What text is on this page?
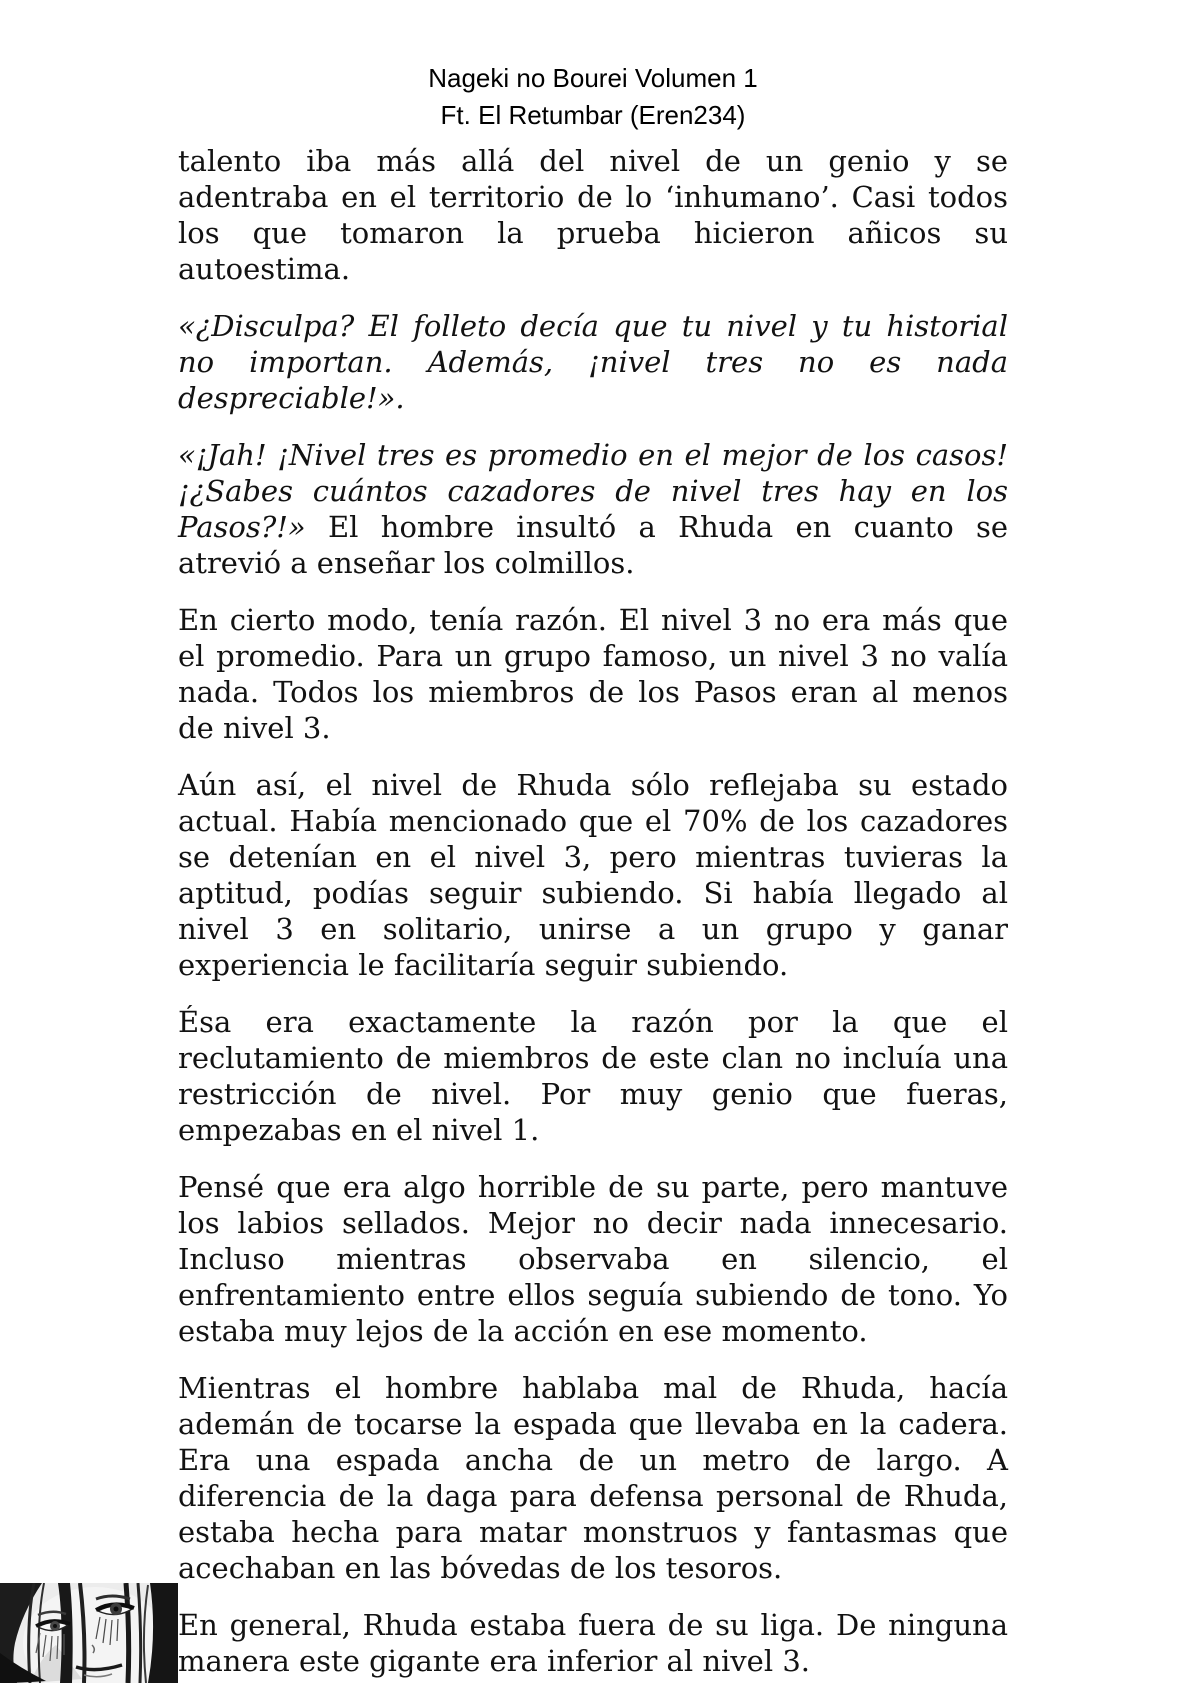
Nageki no Bourei Volumen 1
Ft. El Retumbar (Eren234)

talento iba más allá del nivel de un genio y se adentraba en el territorio de lo ‘inhumano’. Casi todos los que tomaron la prueba hicieron añicos su autoestima.

«¿Disculpa? El folleto decía que tu nivel y tu historial no importan. Además, ¡nivel tres no es nada despreciable!».

«¡Jah! ¡Nivel tres es promedio en el mejor de los casos! ¡¿Sabes cuántos cazadores de nivel tres hay en los Pasos?!» El hombre insultó a Rhuda en cuanto se atrevió a enseñar los colmillos.

En cierto modo, tenía razón. El nivel 3 no era más que el promedio. Para un grupo famoso, un nivel 3 no valía nada. Todos los miembros de los Pasos eran al menos de nivel 3.

Aún así, el nivel de Rhuda sólo reflejaba su estado actual. Había mencionado que el 70% de los cazadores se detenían en el nivel 3, pero mientras tuvieras la aptitud, podías seguir subiendo. Si había llegado al nivel 3 en solitario, unirse a un grupo y ganar experiencia le facilitaría seguir subiendo.

Ésa era exactamente la razón por la que el reclutamiento de miembros de este clan no incluía una restricción de nivel. Por muy genio que fueras, empezabas en el nivel 1.

Pensé que era algo horrible de su parte, pero mantuve los labios sellados. Mejor no decir nada innecesario. Incluso mientras observaba en silencio, el enfrentamiento entre ellos seguía subiendo de tono. Yo estaba muy lejos de la acción en ese momento.

Mientras el hombre hablaba mal de Rhuda, hacía ademán de tocarse la espada que llevaba en la cadera. Era una espada ancha de un metro de largo. A diferencia de la daga para defensa personal de Rhuda, estaba hecha para matar monstruos y fantasmas que acechaban en las bóvedas de los tesoros.

En general, Rhuda estaba fuera de su liga. De ninguna manera este gigante era inferior al nivel 3.
